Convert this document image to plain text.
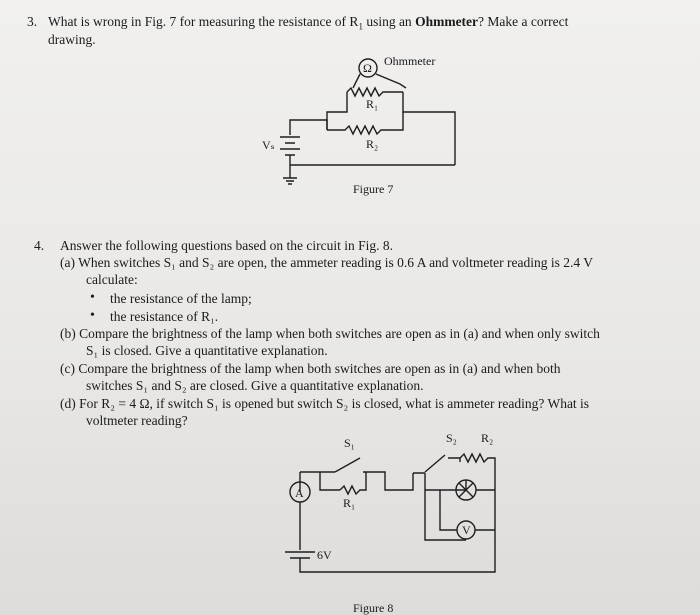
3. What is wrong in Fig. 7 for measuring the resistance of $R_1$ using an Ohmmeter? Make a correct
drawing.
Ω Ohmmeter
R₁
R₂
Vₛ
Figure 7
4. Answer the following questions based on the circuit in Fig. 8.
(a) When switches S₁ and S₂ are open, the ammeter reading is 0.6 A and voltmeter reading is 2.4 V
calculate:
• the resistance of the lamp;
• the resistance of R₁.
(b) Compare the brightness of the lamp when both switches are open as in (a) and when only switch
S₁ is closed. Give a quantitative explanation.
(c) Compare the brightness of the lamp when both switches are open as in (a) and when both
switches S₁ and S₂ are closed. Give a quantitative explanation.
(d) For R₂ = 4 Ω, if switch S₁ is opened but switch S₂ is closed, what is ammeter reading? What is
voltmeter reading?
S₁	S₂ R₂
R₁
A
V
6V
Figure 8
